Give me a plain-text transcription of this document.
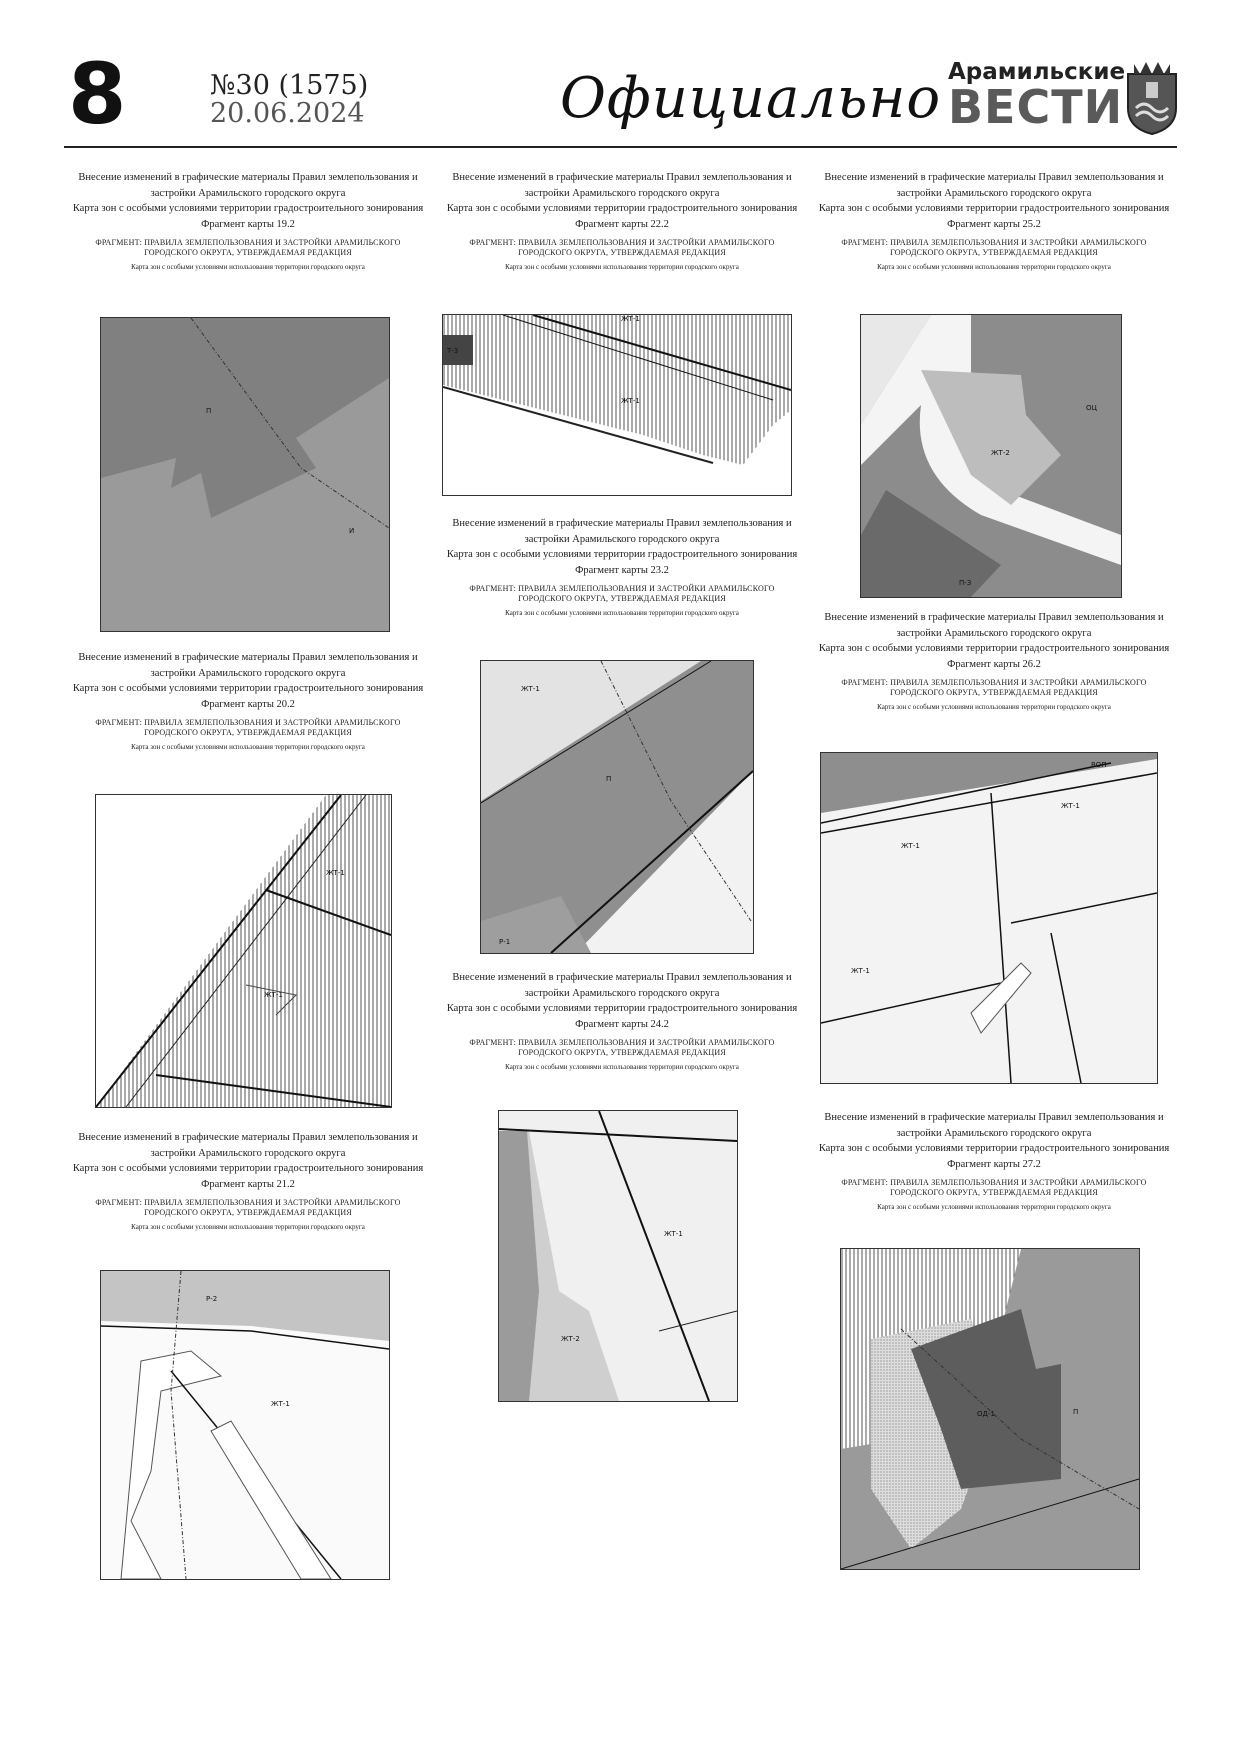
8	№30 (1575)
20.06.2024	Официально Арамильские
ВЕСТИ
Внесение изменений в графические материалы Правил землепользования и
застройки Арамильского городского округа
Карта зон с особыми условиями территории градостроительного зонирования
Фрагмент карты 19.2
ФРАГМЕНТ: ПРАВИЛА ЗЕМЛЕПОЛЬЗОВАНИЯ И ЗАСТРОЙКИ АРАМИЛЬСКОГО
ГОРОДСКОГО ОКРУГА, УТВЕРЖДАЕМАЯ РЕДАКЦИЯ
Карта зон с особыми условиями использования территории городского округа
Внесение изменений в графические материалы Правил землепользования и
застройки Арамильского городского округа
Карта зон с особыми условиями территории градостроительного зонирования
Фрагмент карты 20.2
ФРАГМЕНТ: ПРАВИЛА ЗЕМЛЕПОЛЬЗОВАНИЯ И ЗАСТРОЙКИ АРАМИЛЬСКОГО
ГОРОДСКОГО ОКРУГА, УТВЕРЖДАЕМАЯ РЕДАКЦИЯ
Карта зон с особыми условиями использования территории городского округа
Внесение изменений в графические материалы Правил землепользования и
застройки Арамильского городского округа
Карта зон с особыми условиями территории градостроительного зонирования
Фрагмент карты 21.2
ФРАГМЕНТ: ПРАВИЛА ЗЕМЛЕПОЛЬЗОВАНИЯ И ЗАСТРОЙКИ АРАМИЛЬСКОГО
ГОРОДСКОГО ОКРУГА, УТВЕРЖДАЕМАЯ РЕДАКЦИЯ
Карта зон с особыми условиями использования территории городского округа
Внесение изменений в графические материалы Правил землепользования и
застройки Арамильского городского округа
Карта зон с особыми условиями территории градостроительного зонирования
Фрагмент карты 22.2
ФРАГМЕНТ: ПРАВИЛА ЗЕМЛЕПОЛЬЗОВАНИЯ И ЗАСТРОЙКИ АРАМИЛЬСКОГО
ГОРОДСКОГО ОКРУГА, УТВЕРЖДАЕМАЯ РЕДАКЦИЯ
Карта зон с особыми условиями использования территории городского округа
Внесение изменений в графические материалы Правил землепользования и
застройки Арамильского городского округа
Карта зон с особыми условиями территории градостроительного зонирования
Фрагмент карты 23.2
ФРАГМЕНТ: ПРАВИЛА ЗЕМЛЕПОЛЬЗОВАНИЯ И ЗАСТРОЙКИ АРАМИЛЬСКОГО
ГОРОДСКОГО ОКРУГА, УТВЕРЖДАЕМАЯ РЕДАКЦИЯ
Карта зон с особыми условиями использования территории городского округа
Внесение изменений в графические материалы Правил землепользования и
застройки Арамильского городского округа
Карта зон с особыми условиями территории градостроительного зонирования
Фрагмент карты 24.2
ФРАГМЕНТ: ПРАВИЛА ЗЕМЛЕПОЛЬЗОВАНИЯ И ЗАСТРОЙКИ АРАМИЛЬСКОГО
ГОРОДСКОГО ОКРУГА, УТВЕРЖДАЕМАЯ РЕДАКЦИЯ
Карта зон с особыми условиями использования территории городского округа
Внесение изменений в графические материалы Правил землепользования и
застройки Арамильского городского округа
Карта зон с особыми условиями территории градостроительного зонирования
Фрагмент карты 25.2
ФРАГМЕНТ: ПРАВИЛА ЗЕМЛЕПОЛЬЗОВАНИЯ И ЗАСТРОЙКИ АРАМИЛЬСКОГО
ГОРОДСКОГО ОКРУГА, УТВЕРЖДАЕМАЯ РЕДАКЦИЯ
Карта зон с особыми условиями использования территории городского округа
Внесение изменений в графические материалы Правил землепользования и
застройки Арамильского городского округа
Карта зон с особыми условиями территории градостроительного зонирования
Фрагмент карты 26.2
ФРАГМЕНТ: ПРАВИЛА ЗЕМЛЕПОЛЬЗОВАНИЯ И ЗАСТРОЙКИ АРАМИЛЬСКОГО
ГОРОДСКОГО ОКРУГА, УТВЕРЖДАЕМАЯ РЕДАКЦИЯ
Карта зон с особыми условиями использования территории городского округа
Внесение изменений в графические материалы Правил землепользования и
застройки Арамильского городского округа
Карта зон с особыми условиями территории градостроительного зонирования
Фрагмент карты 27.2
ФРАГМЕНТ: ПРАВИЛА ЗЕМЛЕПОЛЬЗОВАНИЯ И ЗАСТРОЙКИ АРАМИЛЬСКОГО
ГОРОДСКОГО ОКРУГА, УТВЕРЖДАЕМАЯ РЕДАКЦИЯ
Карта зон с особыми условиями использования территории городского округа
П
И
ЖТ-1
ЖТ-1
Р-2
ЖТ-1
Т-3
ЖТ-1
ЖТ-1
ЖТ-1
П
Р-1
ЖТ-1
ЖТ-2
ОЦ
ЖТ-2
П-З
ВОП
ЖТ-1
ЖТ-1
ЖТ-1
ОД-1	П
